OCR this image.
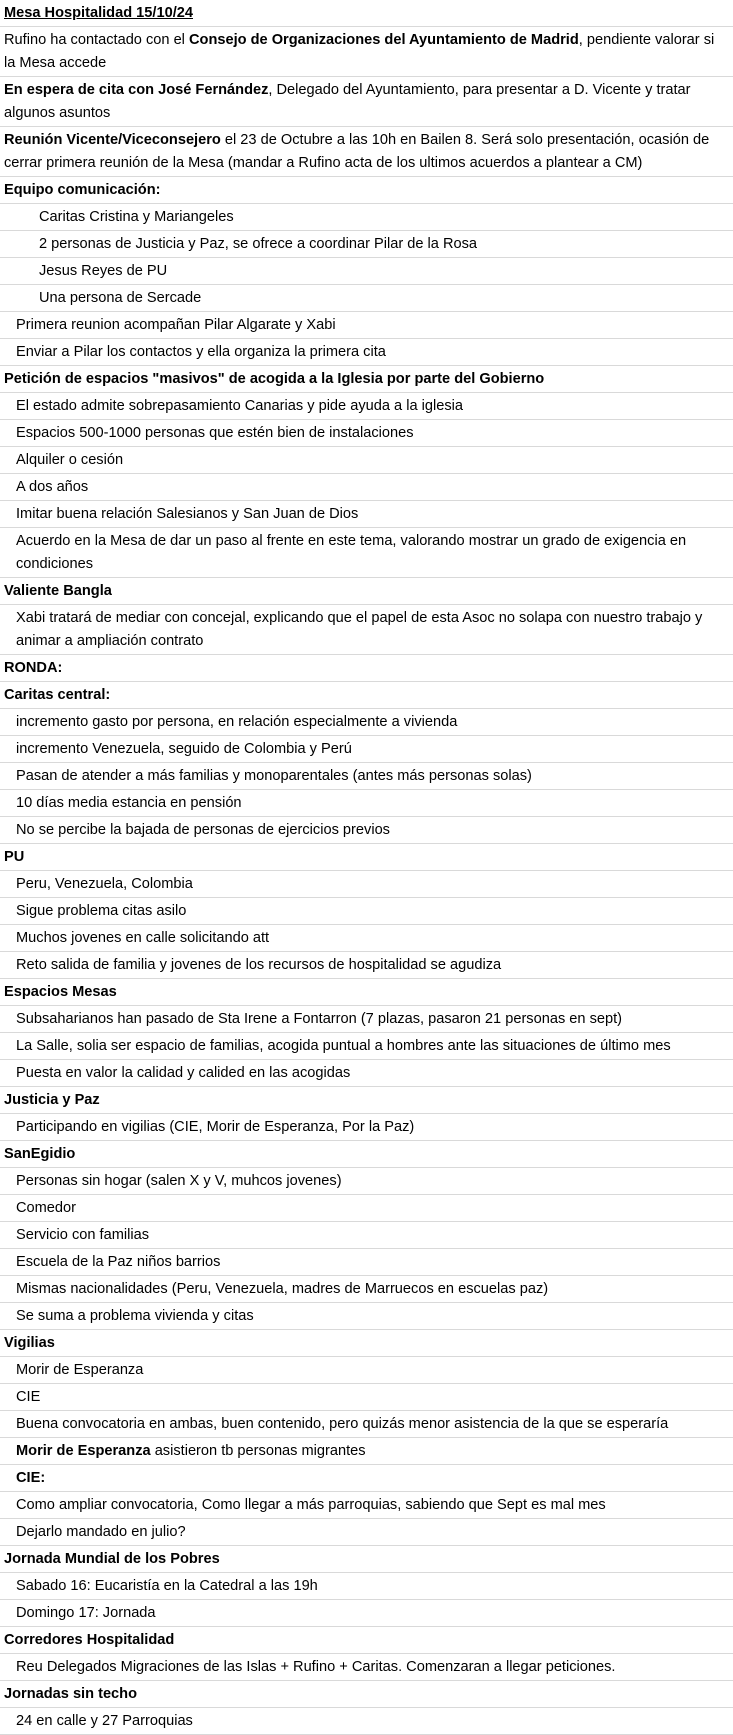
Mesa Hospitalidad 15/10/24
Rufino ha contactado con el Consejo de Organizaciones del Ayuntamiento de Madrid, pendiente valorar si la Mesa accede
En espera de cita con José Fernández, Delegado del Ayuntamiento, para presentar a D. Vicente y tratar algunos asuntos
Reunión Vicente/Viceconsejero el 23 de Octubre a las 10h en Bailen 8. Será solo presentación, ocasión de cerrar primera reunión de la Mesa (mandar a Rufino acta de los ultimos acuerdos a plantear a CM)
Equipo comunicación:
Caritas Cristina y Mariangeles
2 personas de Justicia y Paz, se ofrece a coordinar Pilar de la Rosa
Jesus Reyes de PU
Una persona de Sercade
Primera reunion acompañan Pilar Algarate y Xabi
Enviar a Pilar los contactos y ella organiza la primera cita
Petición de espacios "masivos" de acogida a la Iglesia por parte del Gobierno
El estado admite sobrepasamiento Canarias y pide ayuda a la iglesia
Espacios 500-1000 personas que estén bien de instalaciones
Alquiler o cesión
A dos años
Imitar buena relación Salesianos y San Juan de Dios
Acuerdo en la Mesa de dar un paso al frente en este tema, valorando mostrar un grado de exigencia en condiciones
Valiente Bangla
Xabi tratará de mediar con concejal, explicando que el papel de esta Asoc no solapa con nuestro trabajo y animar a ampliación contrato
RONDA:
Caritas central:
incremento gasto por persona, en relación especialmente a vivienda
incremento Venezuela, seguido de Colombia y Perú
Pasan de atender a más familias y monoparentales (antes más personas solas)
10 días media estancia en pensión
No se percibe la bajada de personas de ejercicios previos
PU
Peru, Venezuela, Colombia
Sigue problema citas asilo
Muchos jovenes en calle solicitando att
Reto salida de familia y jovenes de los recursos de hospitalidad se agudiza
Espacios Mesas
Subsaharianos han pasado de Sta Irene a Fontarron (7 plazas, pasaron 21 personas en sept)
La Salle, solia ser espacio de familias, acogida puntual a hombres ante las situaciones de último mes
Puesta en valor la calidad y calided en las acogidas
Justicia y Paz
Participando en vigilias (CIE, Morir de Esperanza, Por la Paz)
SanEgidio
Personas sin hogar (salen X y V, muhcos jovenes)
Comedor
Servicio con familias
Escuela de la Paz niños barrios
Mismas nacionalidades (Peru, Venezuela, madres de Marruecos en escuelas paz)
Se suma a problema vivienda y citas
Vigilias
Morir de Esperanza
CIE
Buena convocatoria en ambas, buen contenido, pero quizás menor asistencia de la que se esperaría
Morir de Esperanza asistieron tb personas migrantes
CIE:
Como ampliar convocatoria, Como llegar a más parroquias, sabiendo que Sept es mal mes
Dejarlo mandado en julio?
Jornada Mundial de los Pobres
Sabado 16: Eucaristía en la Catedral a las 19h
Domingo 17: Jornada
Corredores Hospitalidad
Reu Delegados Migraciones de las Islas + Rufino + Caritas. Comenzaran a llegar peticiones.
Jornadas sin techo
24 en calle y 27 Parroquias
